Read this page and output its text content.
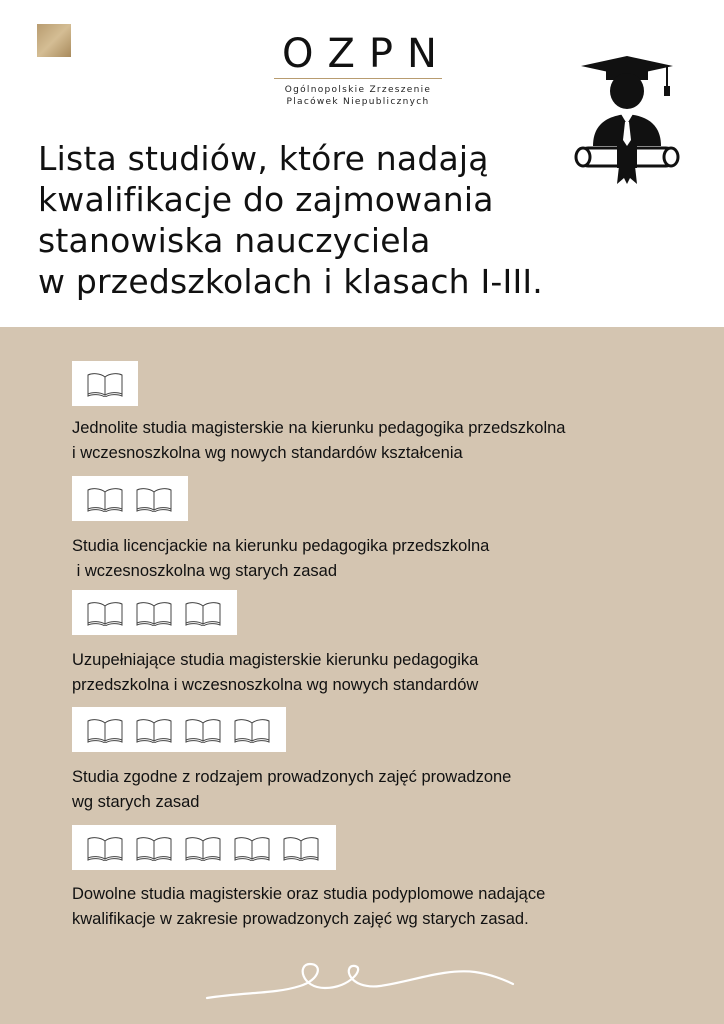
OZPN
Ogólnopolskie Zrzeszenie
Placówek Niepublicznych
Lista studiów, które nadają
kwalifikacje do zajmowania
stanowiska nauczyciela
w przedszkolach i klasach I-III.

Jednolite studia magisterskie na kierunku pedagogika przedszkolna
i wczesnoszkolna wg nowych standardów kształcenia

Studia licencjackie na kierunku pedagogika przedszkolna
i wczesnoszkolna wg starych zasad

Uzupełniające studia magisterskie kierunku pedagogika
przedszkolna i wczesnoszkolna wg nowych standardów

Studia zgodne z rodzajem prowadzonych zajęć prowadzone
wg starych zasad

Dowolne studia magisterskie oraz studia podyplomowe nadające
kwalifikacje w zakresie prowadzonych zajęć wg starych zasad.
